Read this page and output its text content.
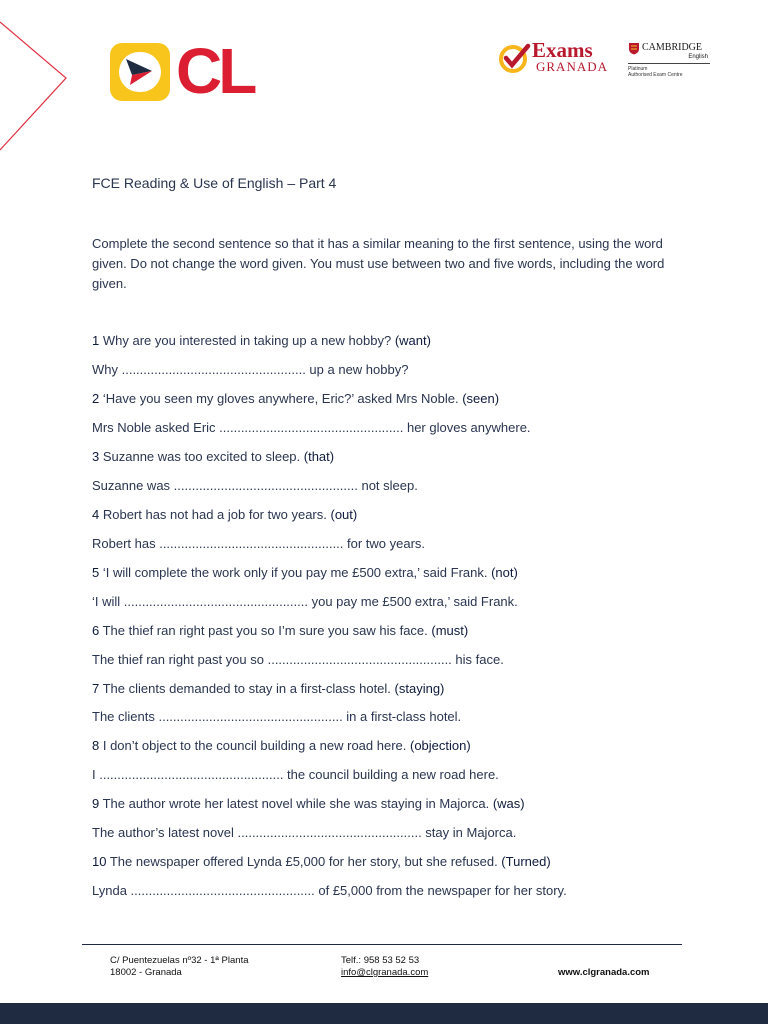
CL	Exams
GRANADA
CAMBRIDGE
English
Platinum
Authorised Exam Centre
FCE Reading & Use of English – Part 4
Complete the second sentence so that it has a similar meaning to the first sentence, using the word given. Do not change the word given. You must use between two and five words, including the word given.
1 Why are you interested in taking up a new hobby? (want)
Why ................................................... up a new hobby?
2 ‘Have you seen my gloves anywhere, Eric?’ asked Mrs Noble. (seen)
Mrs Noble asked Eric ................................................... her gloves anywhere.
3 Suzanne was too excited to sleep. (that)
Suzanne was ................................................... not sleep.
4 Robert has not had a job for two years. (out)
Robert has ................................................... for two years.
5 ‘I will complete the work only if you pay me £500 extra,’ said Frank. (not)
‘I will ................................................... you pay me £500 extra,’ said Frank.
6 The thief ran right past you so I’m sure you saw his face. (must)
The thief ran right past you so ................................................... his face.
7 The clients demanded to stay in a first-class hotel. (staying)
The clients ................................................... in a first-class hotel.
8 I don’t object to the council building a new road here. (objection)
I ................................................... the council building a new road here.
9 The author wrote her latest novel while she was staying in Majorca. (was)
The author’s latest novel ................................................... stay in Majorca.
10 The newspaper offered Lynda £5,000 for her story, but she refused. (Turned)
Lynda ................................................... of £5,000 from the newspaper for her story.
C/ Puentezuelas nº32 - 1ª Planta
18002 - Granada
Telf.: 958 53 52 53
info@clgranada.com	www.clgranada.com
